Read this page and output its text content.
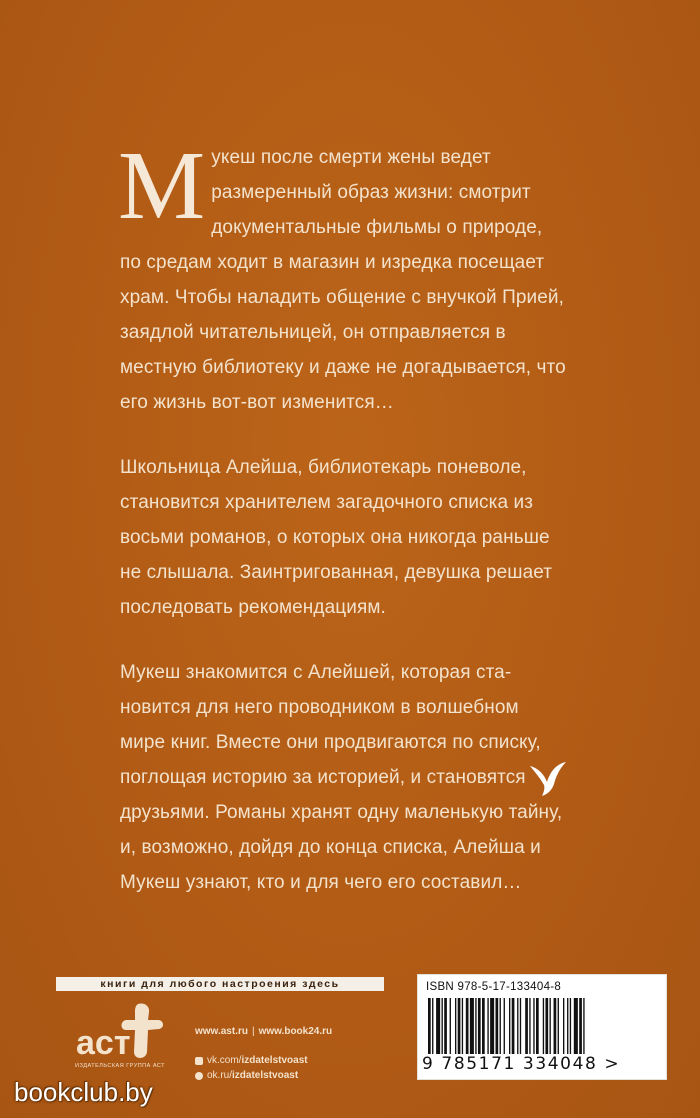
М укеш после смерти жены ведет
размеренный образ жизни: смотрит
документальные фильмы о природе,
по средам ходит в магазин и изредка посещает
храм. Чтобы наладить общение с внучкой Прией,
заядлой читательницей, он отправляется в
местную библиотеку и даже не догадывается, что
его жизнь вот-вот изменится…
Школьница Алейша, библиотекарь поневоле,
становится хранителем загадочного списка из
восьми романов, о которых она никогда раньше
не слышала. Заинтригованная, девушка решает
последовать рекомендациям.
Мукеш знакомится с Алейшей, которая ста-
новится для него проводником в волшебном
мире книг. Вместе они продвигаются по списку,
поглощая историю за историей, и становятся
друзьями. Романы хранят одну маленькую тайну,
и, возможно, дойдя до конца списка, Алейша и
Мукеш узнают, кто и для чего его составил…
книги для любого настроения здесь
аст
ИЗДАТЕЛЬСКАЯ ГРУППА АСТ
www.ast.ru | www.book24.ru
vk.com/ izdatelstvoast
ok.ru/ izdatelstvoast
ISBN 978-5-17-133404-8
9 785171 334048 >
bookclub.by
